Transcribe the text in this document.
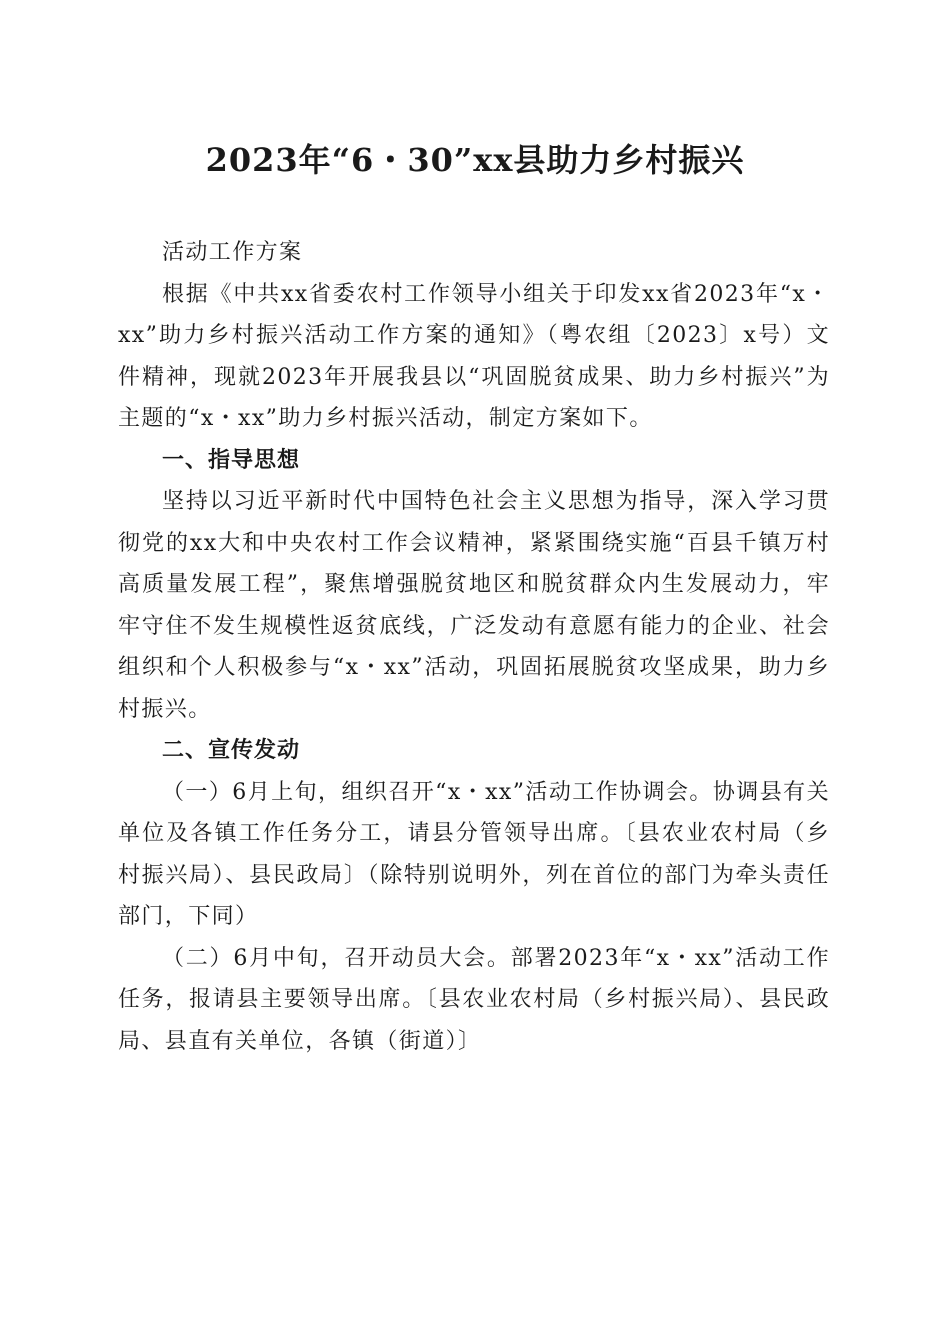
2023年“6・30”xx县助力乡村振兴

活动工作方案

根据《中共xx省委农村工作领导小组关于印发xx省2023年“x・xx”助力乡村振兴活动工作方案的通知》（粤农组〔2023〕x号）文件精神，现就2023年开展我县以“巩固脱贫成果、助力乡村振兴”为主题的“x・xx”助力乡村振兴活动，制定方案如下。

一、指导思想

坚持以习近平新时代中国特色社会主义思想为指导，深入学习贯彻党的xx大和中央农村工作会议精神，紧紧围绕实施“百县千镇万村高质量发展工程”，聚焦增强脱贫地区和脱贫群众内生发展动力，牢牢守住不发生规模性返贫底线，广泛发动有意愿有能力的企业、社会组织和个人积极参与“x・xx”活动，巩固拓展脱贫攻坚成果，助力乡村振兴。

二、宣传发动

（一）6月上旬，组织召开“x・xx”活动工作协调会。协调县有关单位及各镇工作任务分工，请县分管领导出席。〔县农业农村局（乡村振兴局）、县民政局〕（除特别说明外，列在首位的部门为牵头责任部门，下同）

（二）6月中旬，召开动员大会。部署2023年“x・xx”活动工作任务，报请县主要领导出席。〔县农业农村局（乡村振兴局）、县民政局、县直有关单位，各镇（街道）〕
